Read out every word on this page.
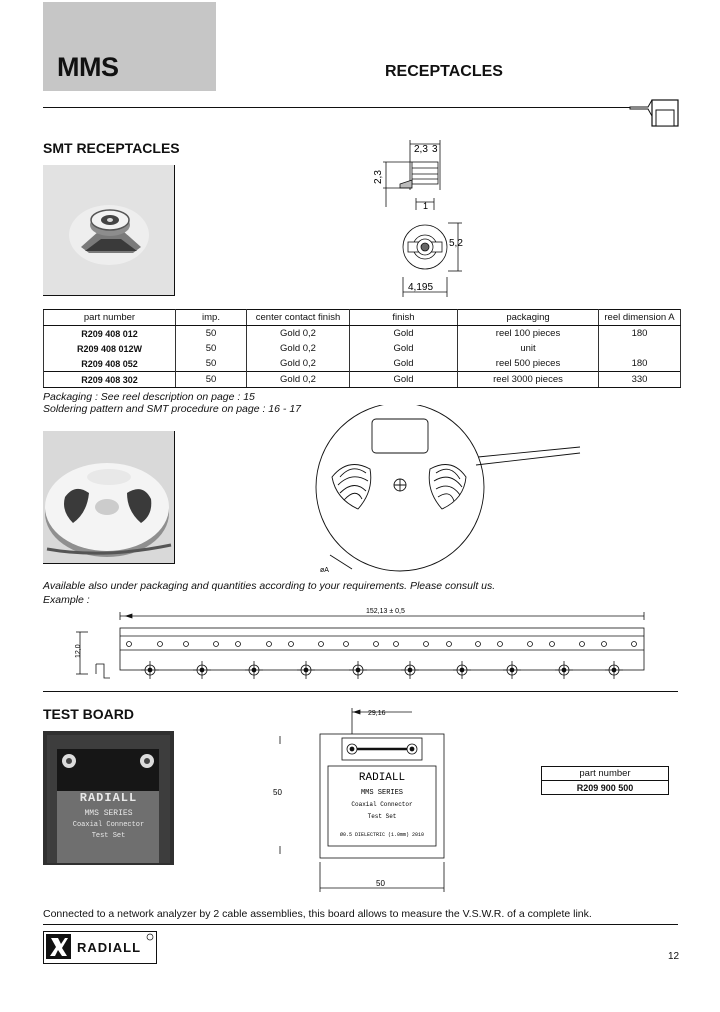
MMS	RECEPTACLES
SMT RECEPTACLES	2,3 3
2,3
1
5,2
4,195
part number	imp.	center contact finish	finish	packaging	reel dimension A
R209 408 012	50	Gold 0,2	Gold	reel 100 pieces	180
R209 408 012W	50	Gold 0,2	Gold	unit	
R209 408 052	50	Gold 0,2	Gold	reel 500 pieces	180
R209 408 302	50	Gold 0,2	Gold	reel 3000 pieces	330
Packaging : See reel description on page : 15
Soldering pattern and SMT procedure on page : 16 - 17
øA
Available also under packaging and quantities according to your requirements. Please consult us.
Example :
152,13 ± 0,5
12,0
TEST BOARD
RADIALL
MMS SERIES
Coaxial Connector
Test Set
29,16
50
50
RADIALL
MMS SERIES
Coaxial Connector
Test Set
Ø0.5 DIELECTRIC (1.0mm) 2010
part number
R209 900 500
Connected to a network analyzer by 2 cable assemblies, this board allows to measure the V.S.W.R. of a complete link.
RADIALL
12
